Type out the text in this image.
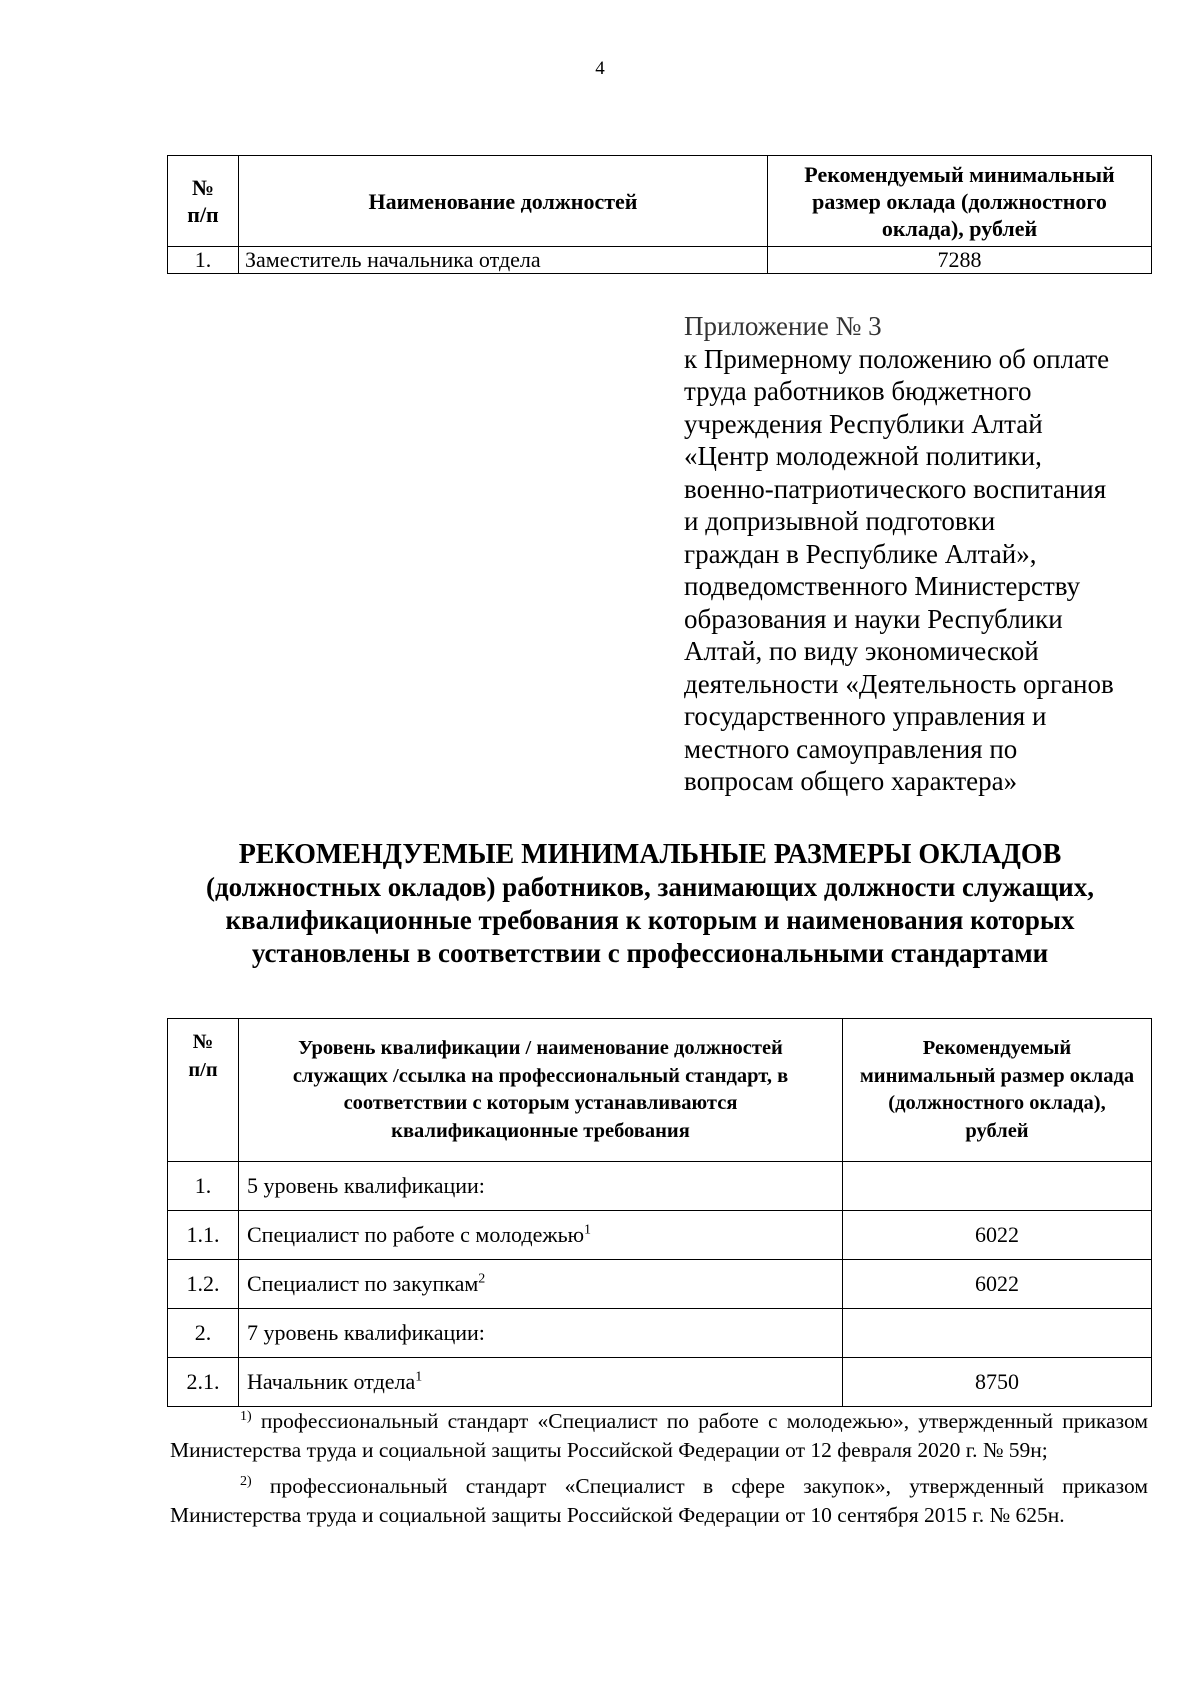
4
№
п/п	Наименование должностей	Рекомендуемый минимальный размер оклада (должностного оклада), рублей
1.	Заместитель начальника отдела	7288
Приложение № 3
к Примерному положению об оплате
труда работников бюджетного
учреждения Республики Алтай
«Центр молодежной политики,
военно-патриотического воспитания
и допризывной подготовки
граждан в Республике Алтай»,
подведомственного Министерству
образования и науки Республики
Алтай, по виду экономической
деятельности «Деятельность органов
государственного управления и
местного самоуправления по
вопросам общего характера»
РЕКОМЕНДУЕМЫЕ МИНИМАЛЬНЫЕ РАЗМЕРЫ ОКЛАДОВ
(должностных окладов) работников, занимающих должности служащих,
квалификационные требования к которым и наименования которых
установлены в соответствии с профессиональными стандартами
№
п/п	Уровень квалификации / наименование должностей служащих /ссылка на профессиональный стандарт, в соответствии с которым устанавливаются квалификационные требования	Рекомендуемый минимальный размер оклада (должностного оклада), рублей
1.	5 уровень квалификации:	
1.1.	Специалист по работе с молодежью$^1$	6022
1.2.	Специалист по закупкам$^2$	6022
2.	7 уровень квалификации:	
2.1.	Начальник отдела$^1$	8750

$^{1)}$ профессиональный стандарт «Специалист по работе с молодежью», утвержденный приказом Министерства труда и социальной защиты Российской Федерации от 12 февраля 2020 г. № 59н;

$^{2)}$ профессиональный стандарт «Специалист в сфере закупок», утвержденный приказом Министерства труда и социальной защиты Российской Федерации от 10 сентября 2015 г. № 625н.
